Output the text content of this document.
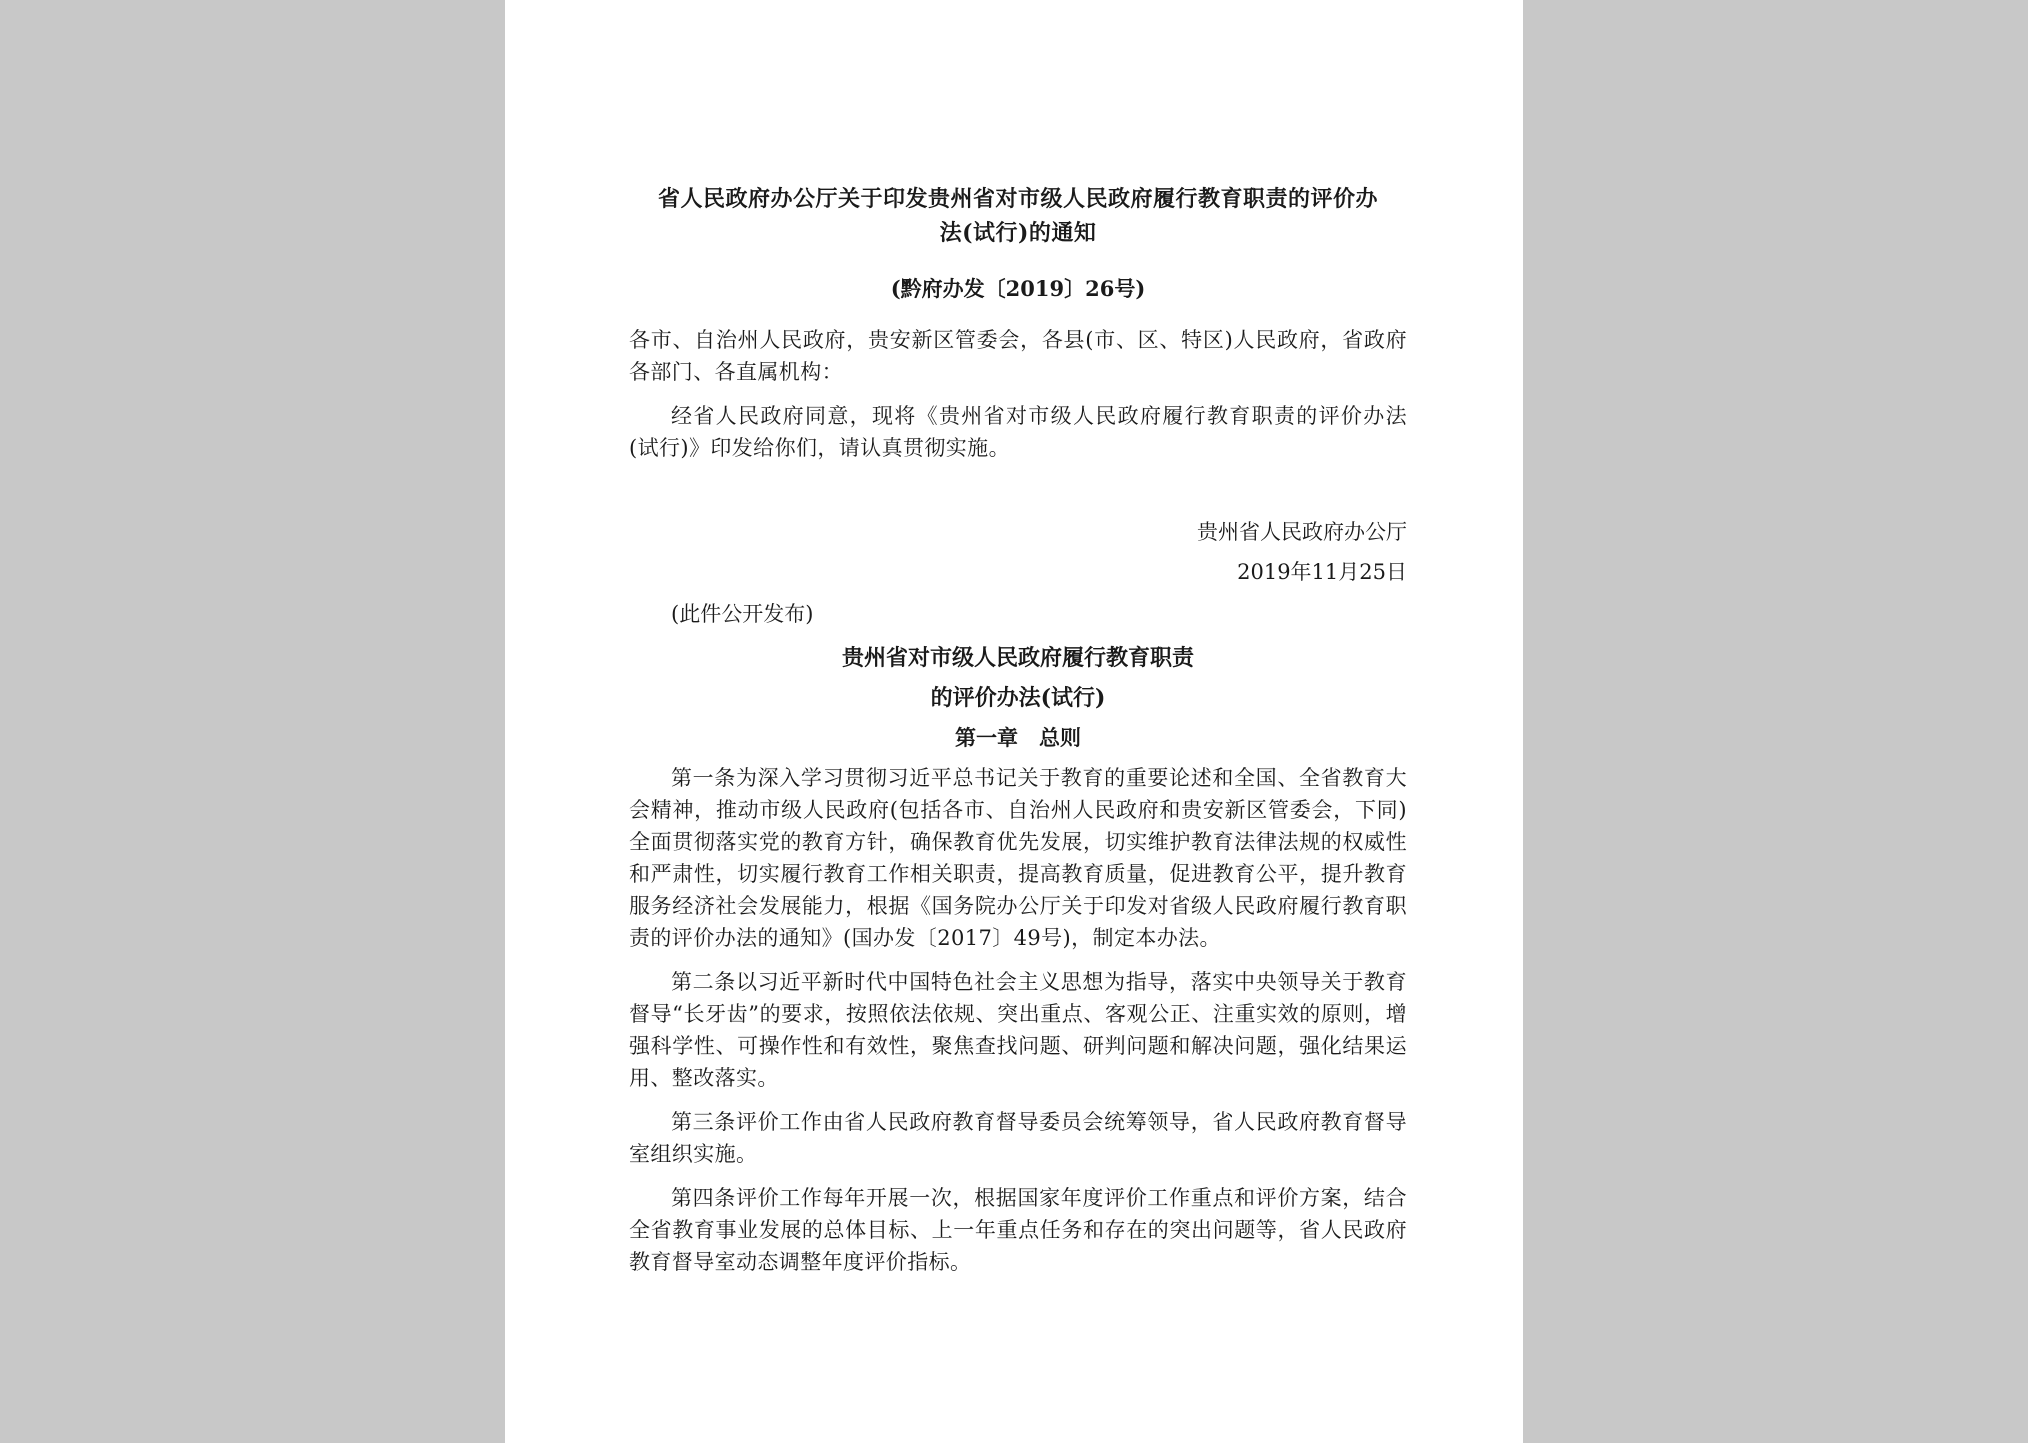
省人民政府办公厅关于印发贵州省对市级人民政府履行教育职责的评价办

法(试行)的通知

(黔府办发〔2019〕26号)

各市、自治州人民政府，贵安新区管委会，各县(市、区、特区)人民政府，省政府各部门、各直属机构：

经省人民政府同意，现将《贵州省对市级人民政府履行教育职责的评价办法(试行)》印发给你们，请认真贯彻实施。

贵州省人民政府办公厅

2019年11月25日

(此件公开发布)

贵州省对市级人民政府履行教育职责

的评价办法(试行)

第一章　总则

第一条为深入学习贯彻习近平总书记关于教育的重要论述和全国、全省教育大会精神，推动市级人民政府(包括各市、自治州人民政府和贵安新区管委会，下同)全面贯彻落实党的教育方针，确保教育优先发展，切实维护教育法律法规的权威性和严肃性，切实履行教育工作相关职责，提高教育质量，促进教育公平，提升教育服务经济社会发展能力，根据《国务院办公厅关于印发对省级人民政府履行教育职责的评价办法的通知》(国办发〔2017〕49号)，制定本办法。

第二条以习近平新时代中国特色社会主义思想为指导，落实中央领导关于教育督导“长牙齿”的要求，按照依法依规、突出重点、客观公正、注重实效的原则，增强科学性、可操作性和有效性，聚焦查找问题、研判问题和解决问题，强化结果运用、整改落实。

第三条评价工作由省人民政府教育督导委员会统筹领导，省人民政府教育督导室组织实施。

第四条评价工作每年开展一次，根据国家年度评价工作重点和评价方案，结合全省教育事业发展的总体目标、上一年重点任务和存在的突出问题等，省人民政府教育督导室动态调整年度评价指标。
